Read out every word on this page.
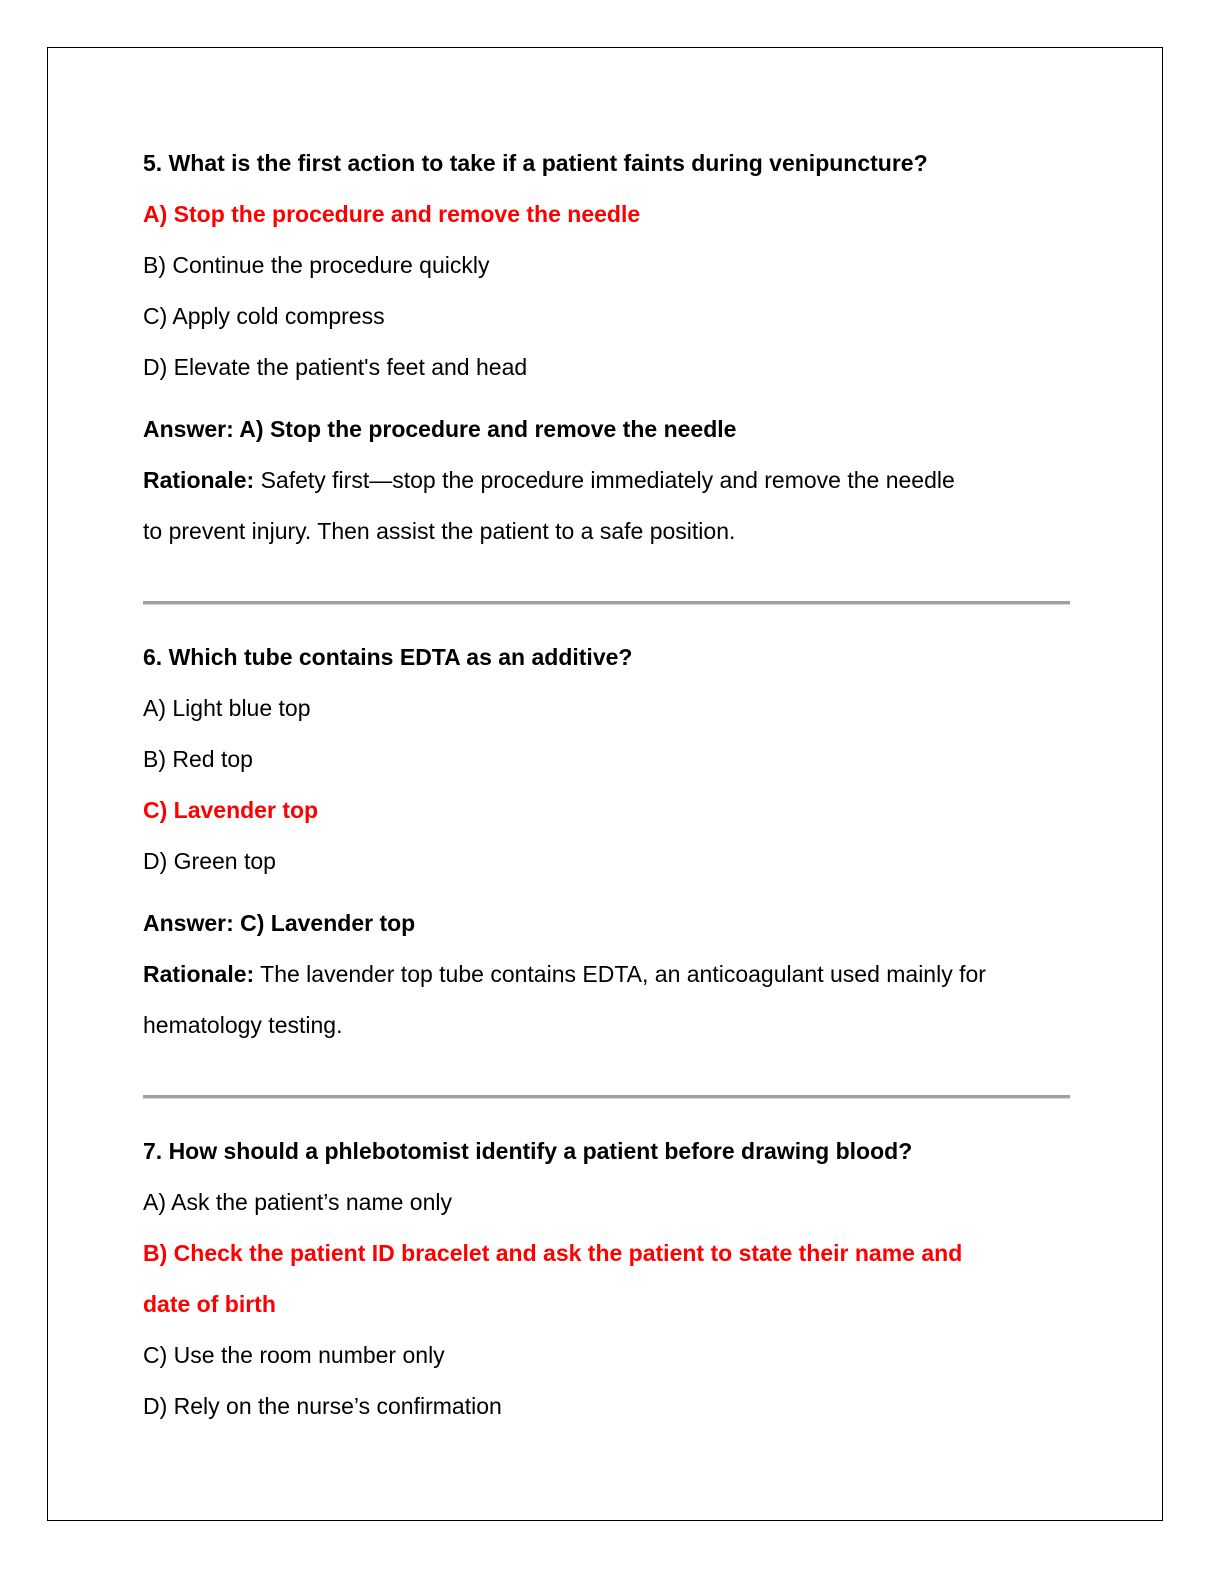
5. What is the first action to take if a patient faints during venipuncture?
A) Stop the procedure and remove the needle
B) Continue the procedure quickly
C) Apply cold compress
D) Elevate the patient's feet and head
Answer: A) Stop the procedure and remove the needle
Rationale: Safety first—stop the procedure immediately and remove the needle
to prevent injury. Then assist the patient to a safe position.
6. Which tube contains EDTA as an additive?
A) Light blue top
B) Red top
C) Lavender top
D) Green top
Answer: C) Lavender top
Rationale: The lavender top tube contains EDTA, an anticoagulant used mainly for
hematology testing.
7. How should a phlebotomist identify a patient before drawing blood?
A) Ask the patient’s name only
B) Check the patient ID bracelet and ask the patient to state their name and
date of birth
C) Use the room number only
D) Rely on the nurse’s confirmation
